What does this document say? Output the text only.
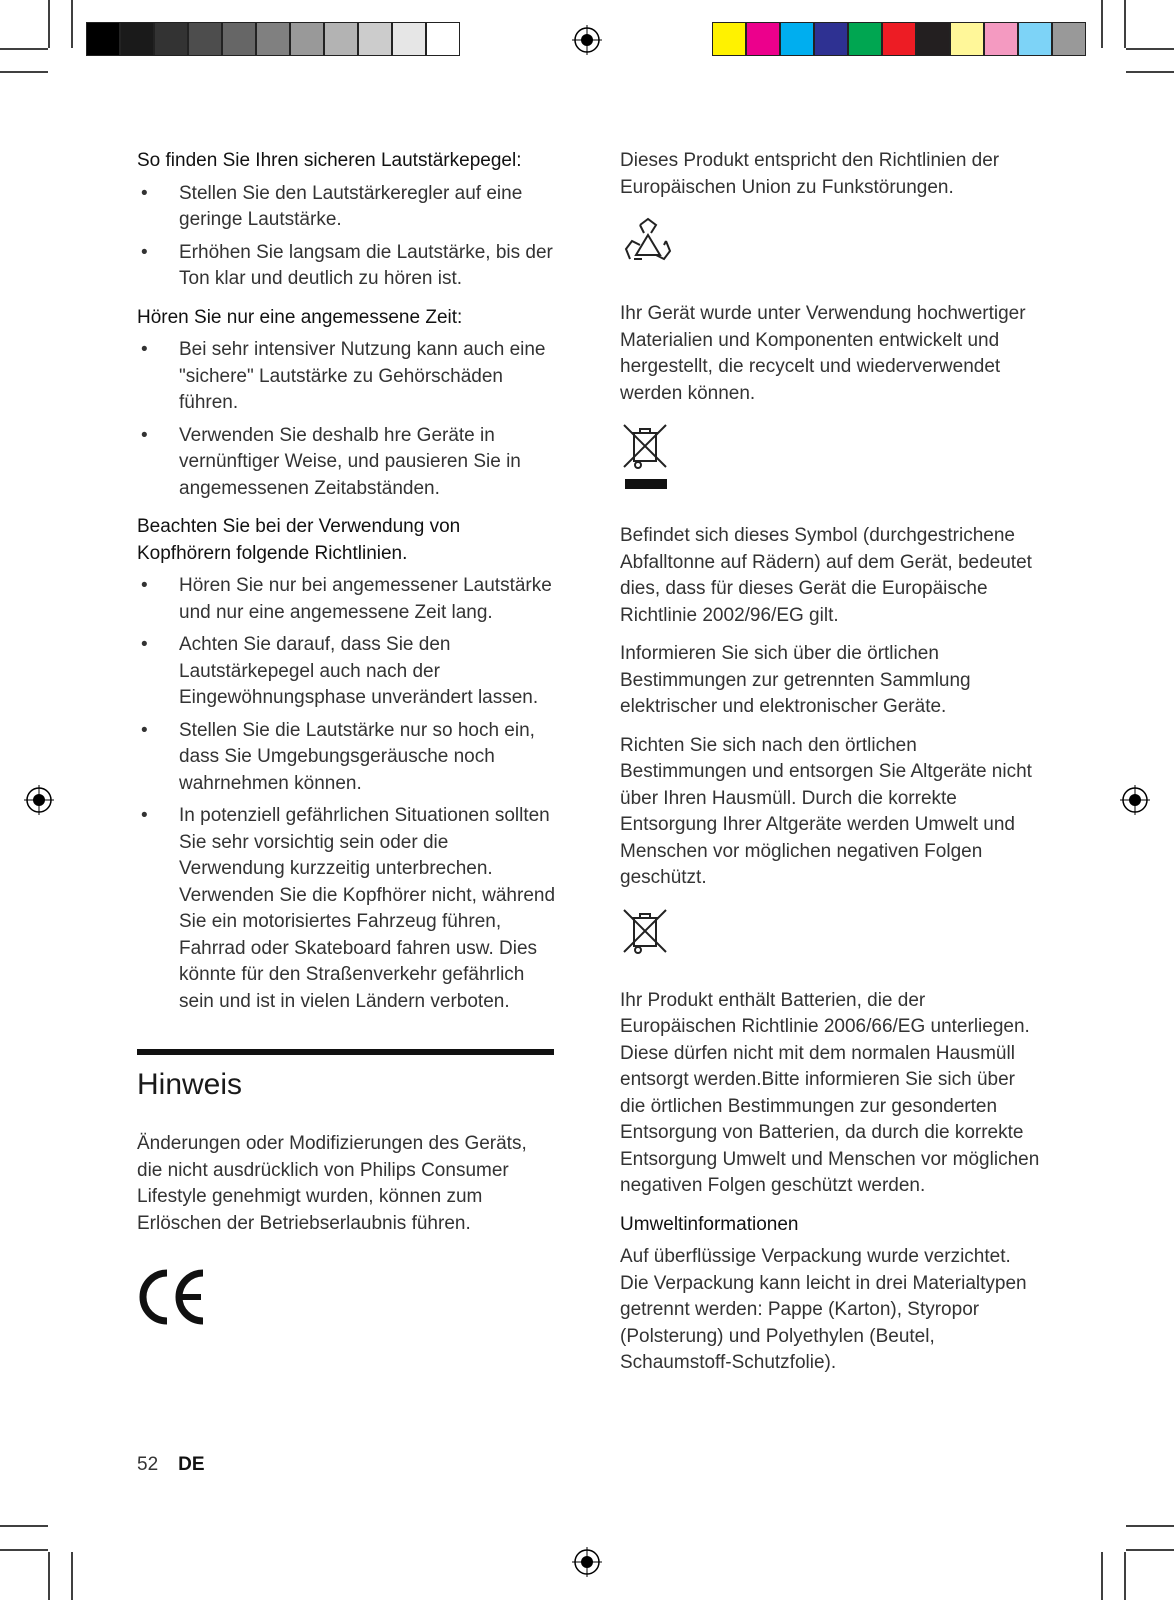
So finden Sie Ihren sicheren Lautstärkepegel:

• Stellen Sie den Lautstärkeregler auf eine geringe Lautstärke.
• Erhöhen Sie langsam die Lautstärke, bis der Ton klar und deutlich zu hören ist.

Hören Sie nur eine angemessene Zeit:

• Bei sehr intensiver Nutzung kann auch eine "sichere" Lautstärke zu Gehörschäden führen.
• Verwenden Sie deshalb hre Geräte in vernünftiger Weise, und pausieren Sie in angemessenen Zeitabständen.

Beachten Sie bei der Verwendung von Kopfhörern folgende Richtlinien.

• Hören Sie nur bei angemessener Lautstärke und nur eine angemessene Zeit lang.
• Achten Sie darauf, dass Sie den Lautstärkepegel auch nach der Eingewöhnungsphase unverändert lassen.
• Stellen Sie die Lautstärke nur so hoch ein, dass Sie Umgebungsgeräusche noch wahrnehmen können.
• In potenziell gefährlichen Situationen sollten Sie sehr vorsichtig sein oder die Verwendung kurzzeitig unterbrechen. Verwenden Sie die Kopfhörer nicht, während Sie ein motorisiertes Fahrzeug führen, Fahrrad oder Skateboard fahren usw. Dies könnte für den Straßenverkehr gefährlich sein und ist in vielen Ländern verboten.
Hinweis

Änderungen oder Modifizierungen des Geräts, die nicht ausdrücklich von Philips Consumer Lifestyle genehmigt wurden, können zum Erlöschen der Betriebserlaubnis führen.

Dieses Produkt entspricht den Richtlinien der Europäischen Union zu Funkstörungen.

Ihr Gerät wurde unter Verwendung hochwertiger Materialien und Komponenten entwickelt und hergestellt, die recycelt und wiederverwendet werden können.

Befindet sich dieses Symbol (durchgestrichene Abfalltonne auf Rädern) auf dem Gerät, bedeutet dies, dass für dieses Gerät die Europäische Richtlinie 2002/96/EG gilt.

Informieren Sie sich über die örtlichen Bestimmungen zur getrennten Sammlung elektrischer und elektronischer Geräte.

Richten Sie sich nach den örtlichen Bestimmungen und entsorgen Sie Altgeräte nicht über Ihren Hausmüll. Durch die korrekte Entsorgung Ihrer Altgeräte werden Umwelt und Menschen vor möglichen negativen Folgen geschützt.

Ihr Produkt enthält Batterien, die der Europäischen Richtlinie 2006/66/EG unterliegen. Diese dürfen nicht mit dem normalen Hausmüll entsorgt werden.Bitte informieren Sie sich über die örtlichen Bestimmungen zur gesonderten Entsorgung von Batterien, da durch die korrekte Entsorgung Umwelt und Menschen vor möglichen negativen Folgen geschützt werden.

Umweltinformationen

Auf überflüssige Verpackung wurde verzichtet. Die Verpackung kann leicht in drei Materialtypen getrennt werden: Pappe (Karton), Styropor (Polsterung) und Polyethylen (Beutel, Schaumstoff-Schutzfolie).

52 DE
